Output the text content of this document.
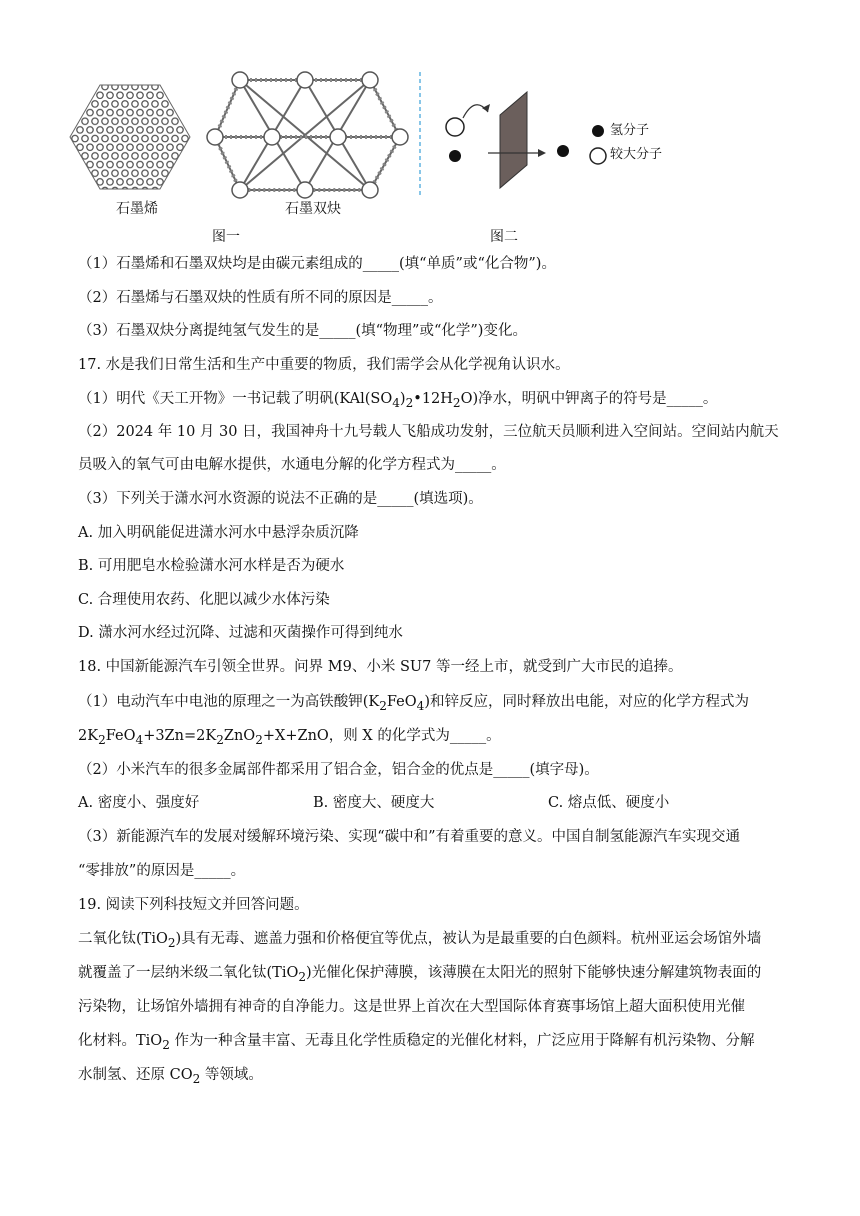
石墨烯	石墨双炔
图一	图二
氢分子
较大分子
（1）石墨烯和石墨双炔均是由碳元素组成的_____(填“单质”或“化合物”)。
（2）石墨烯与石墨双炔的性质有所不同的原因是_____。
（3）石墨双炔分离提纯氢气发生的是_____(填“物理”或“化学”)变化。
17. 水是我们日常生活和生产中重要的物质，我们需学会从化学视角认识水。
（1）明代《天工开物》一书记载了明矾$(KAl(SO_4)_2•12H_2O)$净水，明矾中钾离子的符号是_____。
（2）2024 年 10 月 30 日，我国神舟十九号载人飞船成功发射，三位航天员顺利进入空间站。空间站内航天
员吸入的氧气可由电解水提供，水通电分解的化学方程式为_____。
（3）下列关于潇水河水资源的说法不正确的是_____(填选项)。
A. 加入明矾能促进潇水河水中悬浮杂质沉降
B. 可用肥皂水检验潇水河水样是否为硬水
C. 合理使用农药、化肥以减少水体污染
D. 潇水河水经过沉降、过滤和灭菌操作可得到纯水
18. 中国新能源汽车引领全世界。问界 M9、小米 SU7 等一经上市，就受到广大市民的追捧。
（1）电动汽车中电池的原理之一为高铁酸钾$(K_2FeO_4)$和锌反应，同时释放出电能，对应的化学方程式为
$2K_2FeO_4+3Zn=2K_2ZnO_2+X+ZnO$，则 X 的化学式为_____。
（2）小米汽车的很多金属部件都采用了铝合金，铝合金的优点是_____(填字母)。
A. 密度小、强度好	B. 密度大、硬度大	C. 熔点低、硬度小
（3）新能源汽车的发展对缓解环境污染、实现“碳中和”有着重要的意义。中国自制氢能源汽车实现交通
“零排放”的原因是_____。
19. 阅读下列科技短文并回答问题。
二氧化钛(TiO$_2$)具有无毒、遮盖力强和价格便宜等优点，被认为是最重要的白色颜料。杭州亚运会场馆外墙
就覆盖了一层纳米级二氧化钛(TiO$_2$)光催化保护薄膜，该薄膜在太阳光的照射下能够快速分解建筑物表面的
污染物，让场馆外墙拥有神奇的自净能力。这是世界上首次在大型国际体育赛事场馆上超大面积使用光催
化材料。TiO$_2$ 作为一种含量丰富、无毒且化学性质稳定的光催化材料，广泛应用于降解有机污染物、分解
水制氢、还原 $CO_2$ 等领域。
